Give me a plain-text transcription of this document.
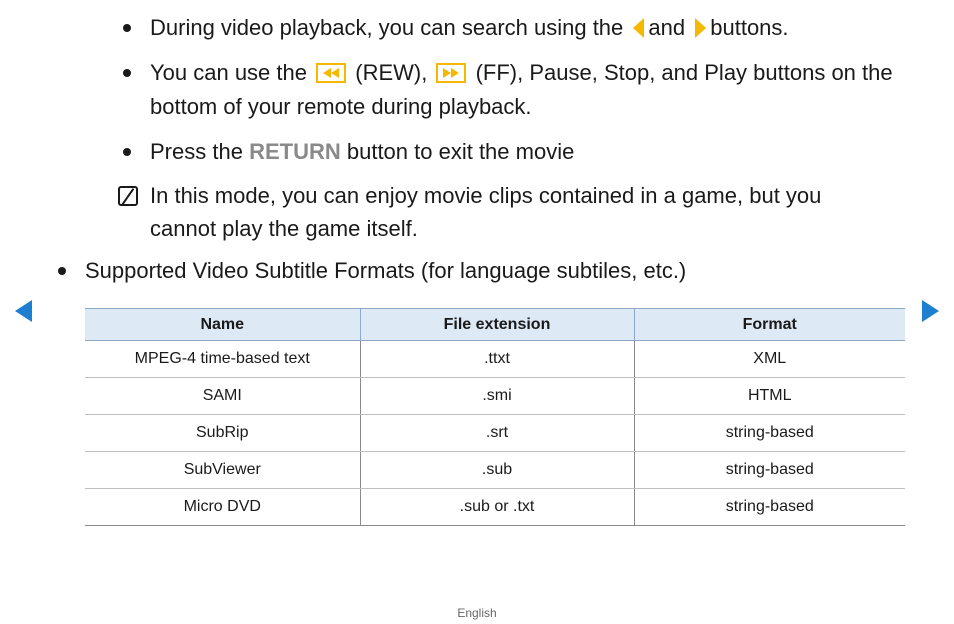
During video playback, you can search using the and buttons.
You can use the (REW), (FF), Pause, Stop, and Play buttons on the
bottom of your remote during playback.
Press the RETURN button to exit the movie
In this mode, you can enjoy movie clips contained in a game, but you
cannot play the game itself.
Supported Video Subtitle Formats (for language subtiles, etc.)
Name	File extension	Format
MPEG-4 time-based text	.ttxt	XML
SAMI	.smi	HTML
SubRip	.srt	string-based
SubViewer	.sub	string-based
Micro DVD	.sub or .txt	string-based
English
